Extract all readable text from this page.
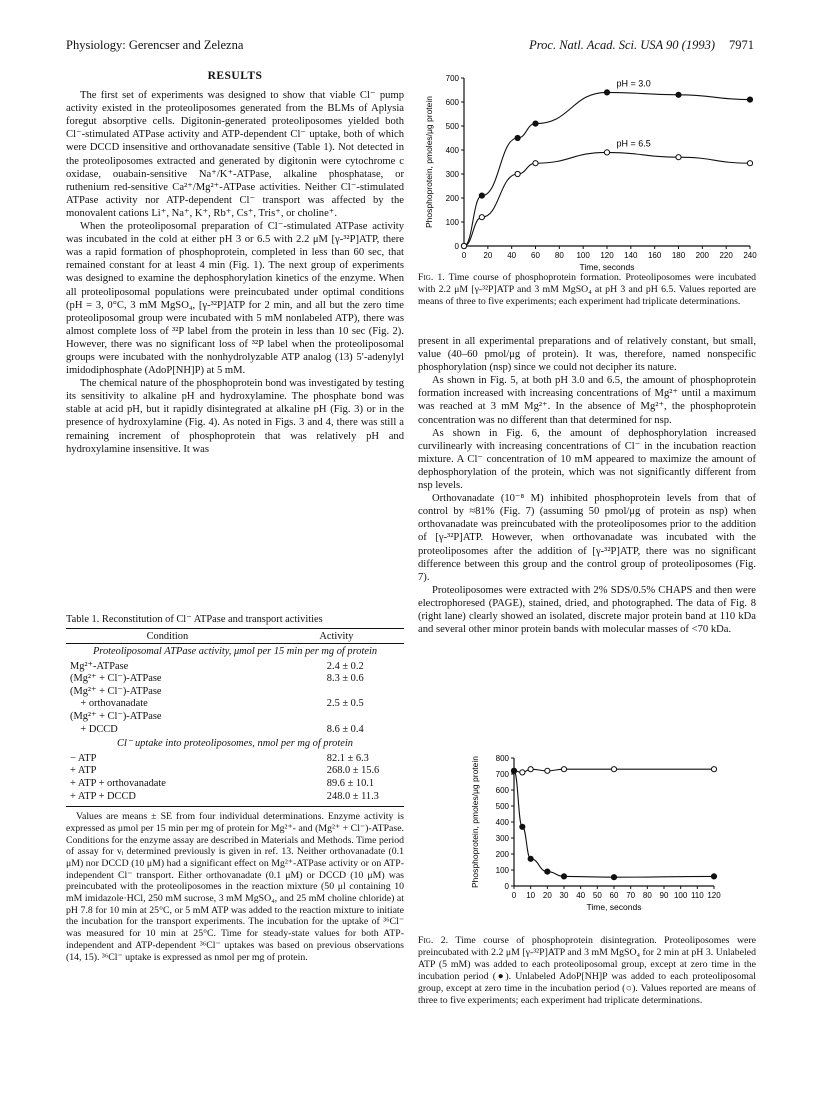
Physiology: Gerencser and Zelezna	Proc. Natl. Acad. Sci. USA 90 (1993) 7971
RESULTS

The first set of experiments was designed to show that viable Cl⁻ pump activity existed in the proteoliposomes generated from the BLMs of Aplysia foregut absorptive cells. Digitonin-generated proteoliposomes yielded both Cl⁻-stimulated ATPase activity and ATP-dependent Cl⁻ uptake, both of which were DCCD insensitive and orthovanadate sensitive (Table 1). Not detected in the proteoliposomes extracted and generated by digitonin were cytochrome c oxidase, ouabain-sensitive Na⁺/K⁺-ATPase, alkaline phosphatase, or ruthenium red-sensitive Ca²⁺/Mg²⁺-ATPase activities. Neither Cl⁻-stimulated ATPase activity nor ATP-dependent Cl⁻ transport was affected by the monovalent cations Li⁺, Na⁺, K⁺, Rb⁺, Cs⁺, Tris⁺, or choline⁺.

When the proteoliposomal preparation of Cl⁻-stimulated ATPase activity was incubated in the cold at either pH 3 or 6.5 with 2.2 μM [γ-³²P]ATP, there was a rapid formation of phosphoprotein, completed in less than 60 sec, that remained constant for at least 4 min (Fig. 1). The next group of experiments was designed to examine the dephosphorylation kinetics of the enzyme. When all proteoliposomal populations were preincubated under optimal conditions (pH = 3, 0°C, 3 mM MgSO₄, [γ-³²P]ATP for 2 min, and all but the zero time proteoliposomal group were incubated with 5 mM nonlabeled ATP), there was almost complete loss of ³²P label from the protein in less than 10 sec (Fig. 2). However, there was no significant loss of ³²P label when the proteoliposomal groups were incubated with the nonhydrolyzable ATP analog (13) 5′-adenylyl imidodiphosphate (AdoP[NH]P) at 5 mM.

The chemical nature of the phosphoprotein bond was investigated by testing its sensitivity to alkaline pH and hydroxylamine. The phosphate bond was stable at acid pH, but it rapidly disintegrated at alkaline pH (Fig. 3) or in the presence of hydroxylamine (Fig. 4). As noted in Figs. 3 and 4, there was still a remaining increment of phosphoprotein that was relatively pH and hydroxylamine insensitive. It was

Table 1. Reconstitution of Cl⁻ ATPase and transport activities
Condition	Activity
Proteoliposomal ATPase activity, μmol per 15 min per mg of protein	
Mg²⁺-ATPase	2.4 ± 0.2
(Mg²⁺ + Cl⁻)-ATPase	8.3 ± 0.6
(Mg²⁺ + Cl⁻)-ATPase	
+ orthovanadate	2.5 ± 0.5
(Mg²⁺ + Cl⁻)-ATPase	
+ DCCD	8.6 ± 0.4
Cl⁻ uptake into proteoliposomes, nmol per mg of protein	
− ATP	82.1 ± 6.3
+ ATP	268.0 ± 15.6
+ ATP + orthovanadate	89.6 ± 10.1
+ ATP + DCCD	248.0 ± 11.3

Values are means ± SE from four individual determinations. Enzyme activity is expressed as μmol per 15 min per mg of protein for Mg²⁺- and (Mg²⁺ + Cl⁻)-ATPase. Conditions for the enzyme assay are described in Materials and Methods. Time period of assay for vᵢ determined previously is given in ref. 13. Neither orthovanadate (0.1 μM) nor DCCD (10 μM) had a significant effect on Mg²⁺-ATPase activity or on ATP-independent Cl⁻ transport. Either orthovanadate (0.1 μM) or DCCD (10 μM) was preincubated with the proteoliposomes in the reaction mixture (50 μl containing 10 mM imidazole·HCl, 250 mM sucrose, 3 mM MgSO₄, and 25 mM choline chloride) at pH 7.8 for 10 min at 25°C, or 5 mM ATP was added to the reaction mixture to initiate the incubation for the transport experiments. The incubation for the uptake of ³⁶Cl⁻ was measured for 10 min at 25°C. Time for steady-state values for both ATP-independent and ATP-dependent ³⁶Cl⁻ uptakes was based on previous observations (14, 15). ³⁶Cl⁻ uptake is expressed as nmol per mg of protein.

0 20 40 60 80 100 120 140 160 180 200 220 240
0
100
200
300
400
500
600
700
Time, seconds
Phosphoprotein, pmoles/μg protein
pH = 3.0
pH = 6.5
Fig. 1. Time course of phosphoprotein formation. Proteoliposomes were incubated with 2.2 μM [γ-³²P]ATP and 3 mM MgSO₄ at pH 3 and pH 6.5. Values reported are means of three to five experiments; each experiment had triplicate determinations.

present in all experimental preparations and of relatively constant, but small, value (40–60 pmol/μg of protein). It was, therefore, named nonspecific phosphorylation (nsp) since we could not decipher its nature.

As shown in Fig. 5, at both pH 3.0 and 6.5, the amount of phosphoprotein formation increased with increasing concentrations of Mg²⁺ until a maximum was reached at 3 mM Mg²⁺. In the absence of Mg²⁺, the phosphoprotein concentration was no different than that determined for nsp.

As shown in Fig. 6, the amount of dephosphorylation increased curvilinearly with increasing concentrations of Cl⁻ in the incubation reaction mixture. A Cl⁻ concentration of 10 mM appeared to maximize the amount of dephosphorylation of the protein, which was not significantly different from nsp levels.

Orthovanadate (10⁻⁸ M) inhibited phosphoprotein levels from that of control by ≈81% (Fig. 7) (assuming 50 pmol/μg of protein as nsp) when orthovanadate was preincubated with the proteoliposomes prior to the addition of [γ-³²P]ATP. However, when orthovanadate was incubated with the proteoliposomes after the addition of [γ-³²P]ATP, there was no significant difference between this group and the control group of proteoliposomes (Fig. 7).

Proteoliposomes were extracted with 2% SDS/0.5% CHAPS and then were electrophoresed (PAGE), stained, dried, and photographed. The data of Fig. 8 (right lane) clearly showed an isolated, discrete major protein band at 110 kDa and several other minor protein bands with molecular masses of <70 kDa.

0 10 20 30 40 50 60 70 80 90 100 110 120
0
100
200
300
400
500
600
700
800
Time, seconds
Phosphoprotein, pmoles/μg protein
Fig. 2. Time course of phosphoprotein disintegration. Proteoliposomes were preincubated with 2.2 μM [γ-³²P]ATP and 3 mM MgSO₄ for 2 min at pH 3. Unlabeled ATP (5 mM) was added to each proteoliposomal group, except at zero time in the incubation period (●). Unlabeled AdoP[NH]P was added to each proteoliposomal group, except at zero time in the incubation period (○). Values reported are means of three to five experiments; each experiment had triplicate determinations.
